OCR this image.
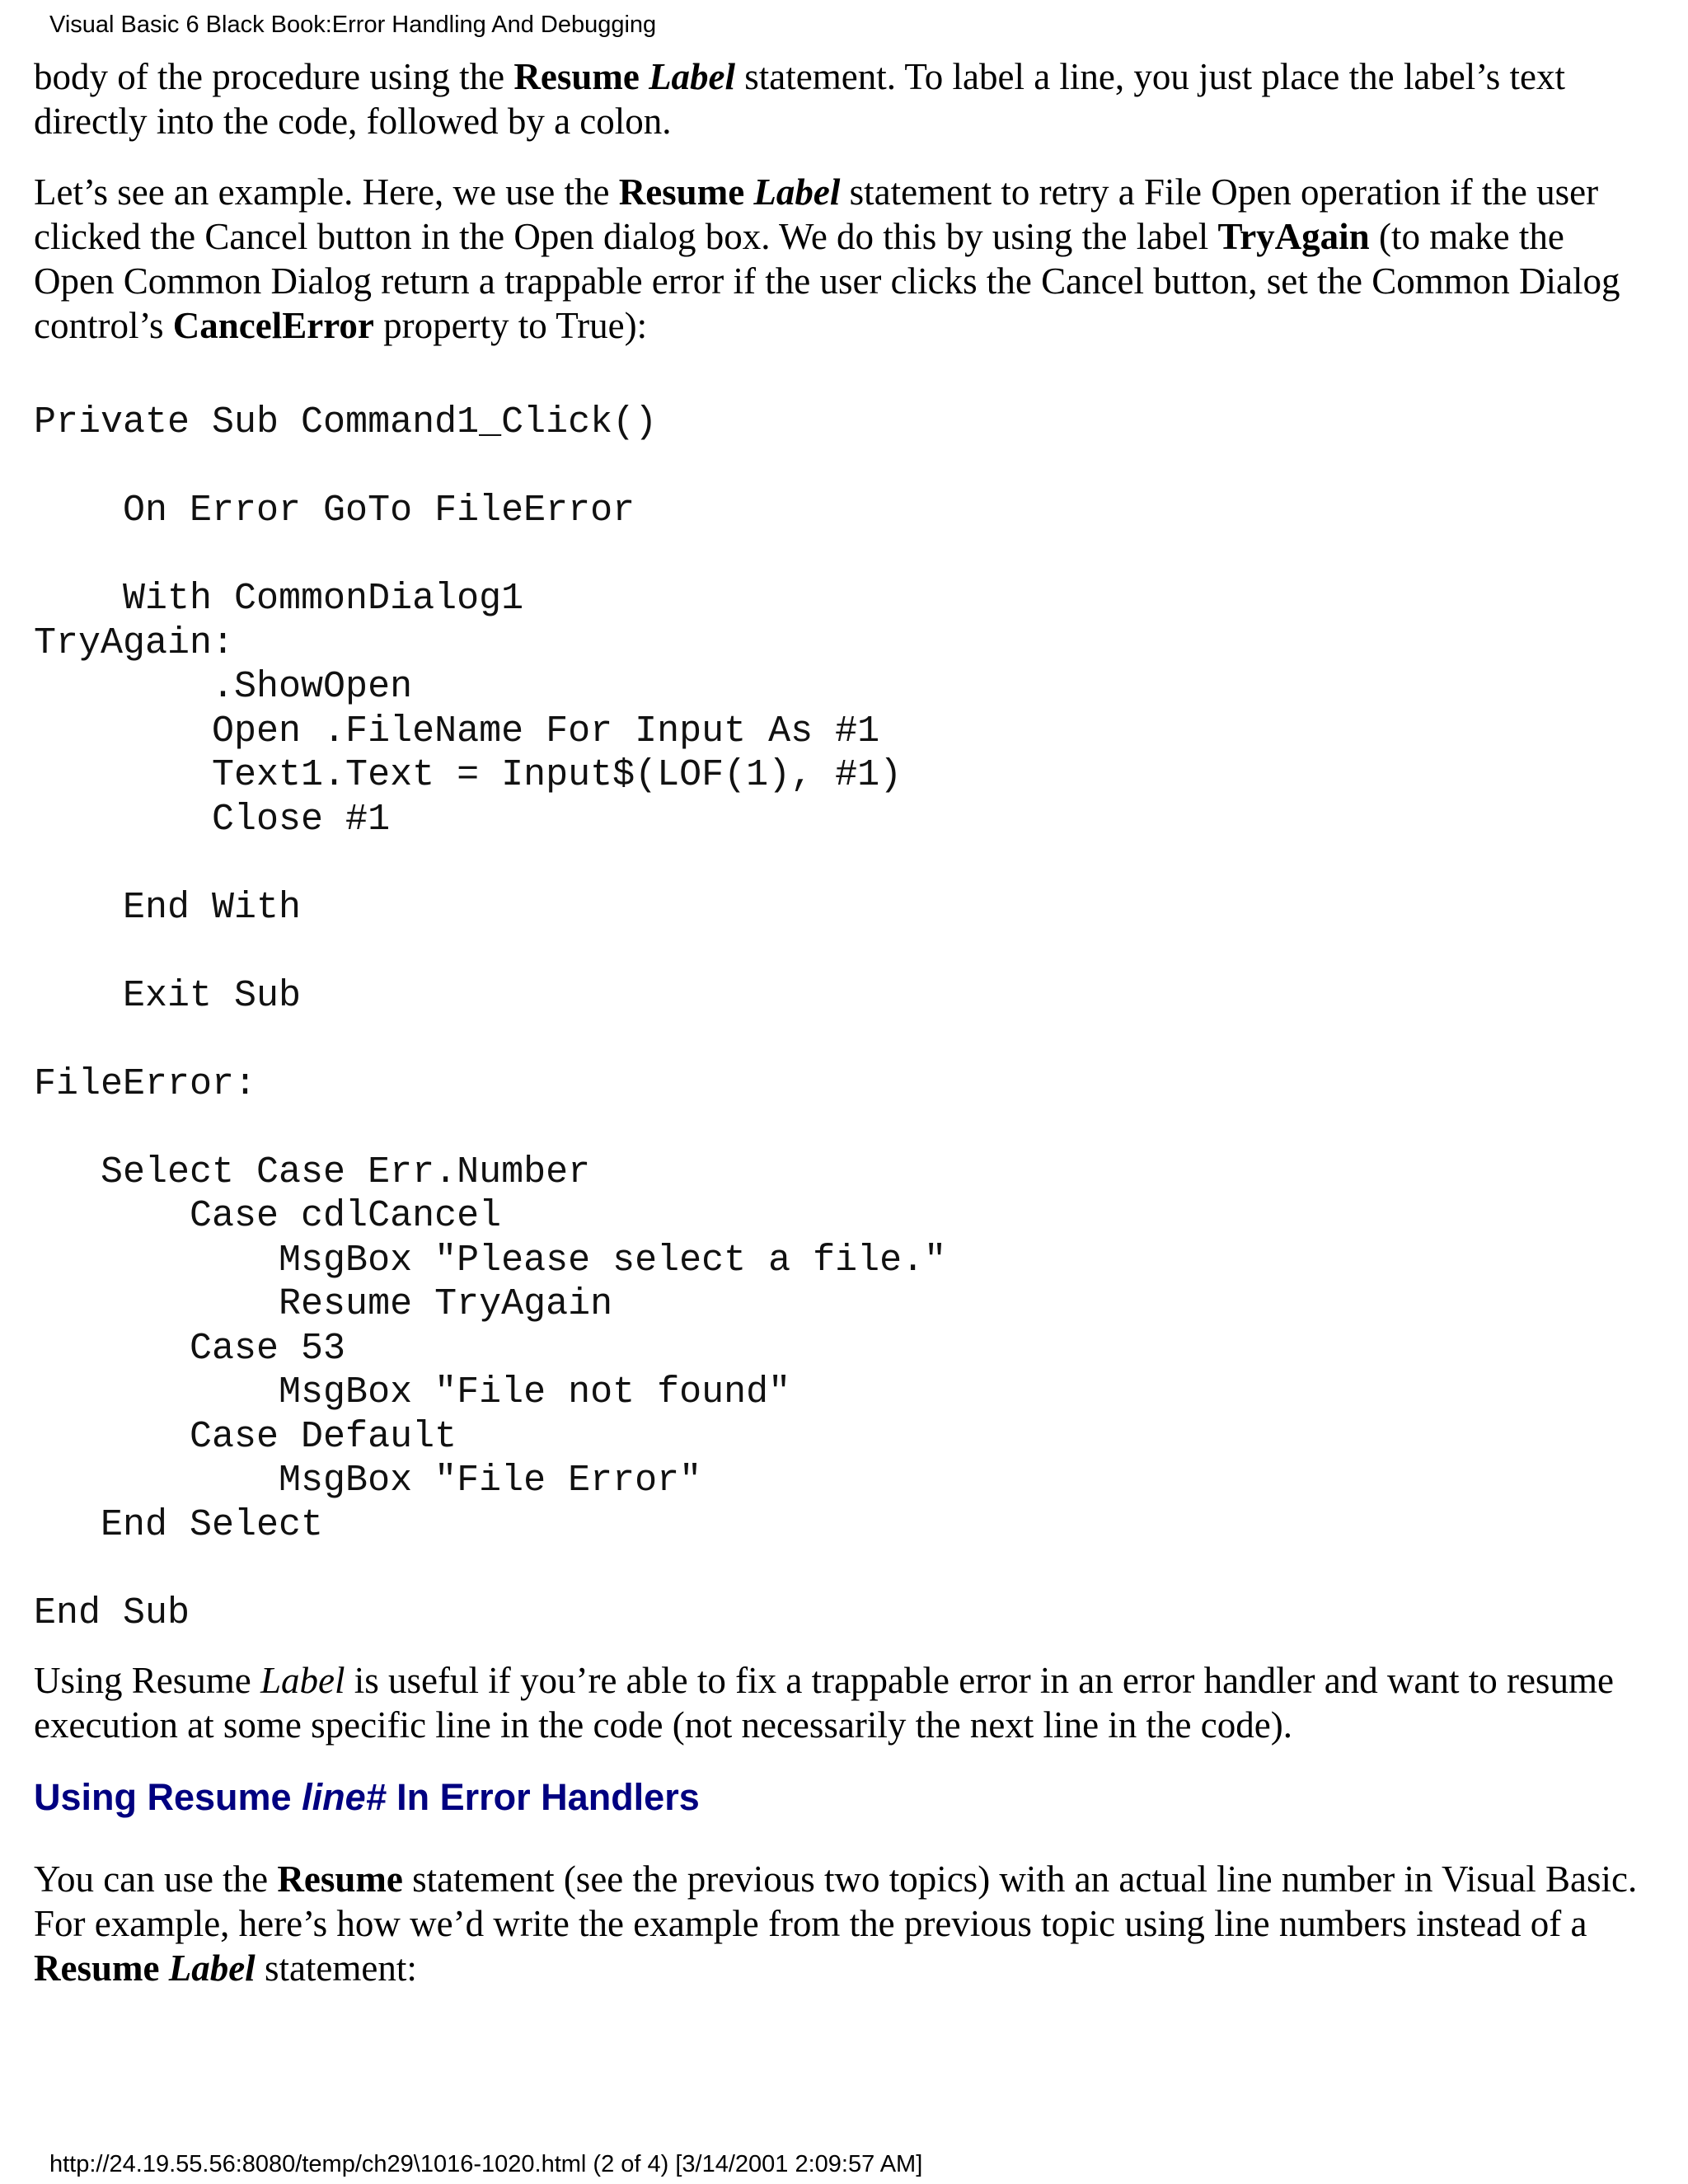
Visual Basic 6 Black Book:Error Handling And Debugging

body of the procedure using the Resume Label statement. To label a line, you just place the label’s text directly into the code, followed by a colon.

Let’s see an example. Here, we use the Resume Label statement to retry a File Open operation if the user clicked the Cancel button in the Open dialog box. We do this by using the label TryAgain (to make the Open Common Dialog return a trappable error if the user clicks the Cancel button, set the Common Dialog control’s CancelError property to True):

Private Sub Command1_Click()

On Error GoTo FileError

With CommonDialog1
TryAgain:
.ShowOpen
Open .FileName For Input As #1
Text1.Text = Input$(LOF(1), #1)
Close #1

End With

Exit Sub

FileError:

Select Case Err.Number
Case cdlCancel
MsgBox "Please select a file."
Resume TryAgain
Case 53
MsgBox "File not found"
Case Default
MsgBox "File Error"
End Select

End Sub

Using Resume Label is useful if you’re able to fix a trappable error in an error handler and want to resume execution at some specific line in the code (not necessarily the next line in the code).

Using Resume line# In Error Handlers

You can use the Resume statement (see the previous two topics) with an actual line number in Visual Basic. For example, here’s how we’d write the example from the previous topic using line numbers instead of a Resume Label statement:

http://24.19.55.56:8080/temp/ch29\1016-1020.html (2 of 4) [3/14/2001 2:09:57 AM]
